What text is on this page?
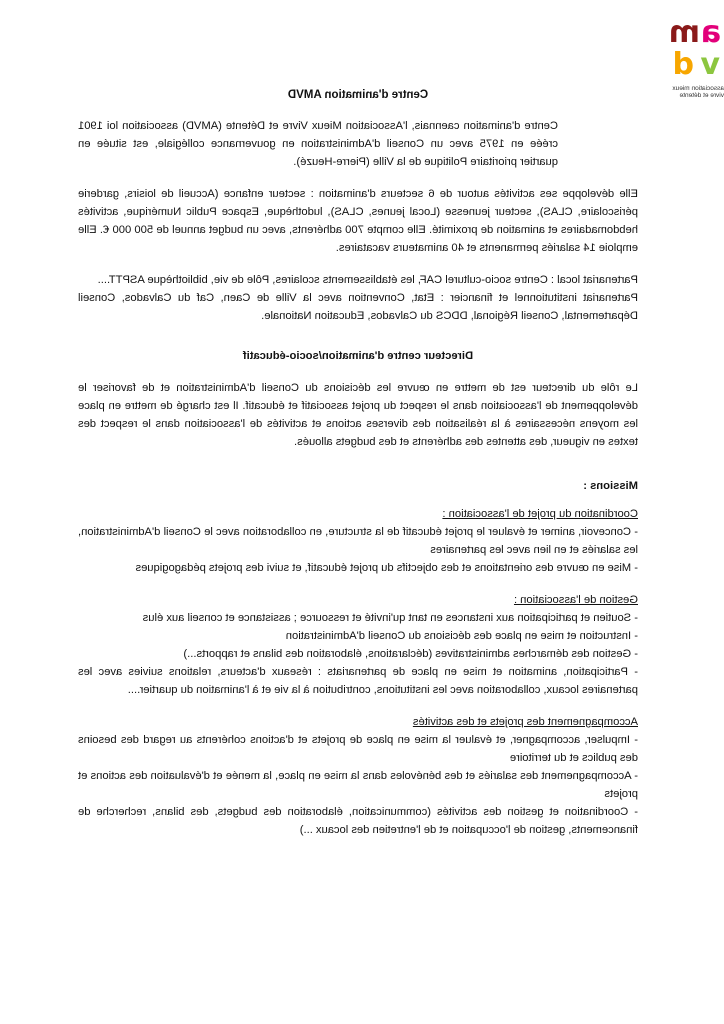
a
m
v
d
association mieux
vivre et détente
Centre d'animation AMVD

Centre d'animation caennais, l'Association Mieux Vivre et Détente (AMVD) association loi 1901 créée en 1975 avec un Conseil d'Administration en gouvernance collégiale, est située en quartier prioritaire Politique de la Ville (Pierre-Heuzé).

Elle développe ses activités autour de 6 secteurs d'animation : secteur enfance (Accueil de loisirs, garderie périscolaire, CLAS), secteur jeunesse (Local jeunes, CLAS), ludothèque, Espace Public Numérique, activités hebdomadaires et animation de proximité. Elle compte 700 adhérents, avec un budget annuel de 500 000 €. Elle emploie 14 salariés permanents et 40 animateurs vacataires.

Partenariat local : Centre socio-culturel CAF, les établissements scolaires, Pôle de vie, bibliothèque ASPTT....

Partenariat institutionnel et financier : Etat, Convention avec la Ville de Caen, Caf du Calvados, Conseil Départemental, Conseil Régional, DDCS du Calvados, Education Nationale.

Directeur centre d'animation/socio-éducatif

Le rôle du directeur est de mettre en œuvre les décisions du Conseil d'Administration et de favoriser le développement de l'association dans le respect du projet associatif et éducatif. Il est chargé de mettre en place les moyens nécessaires à la réalisation des diverses actions et activités de l'association dans le respect des textes en vigueur, des attentes des adhérents et des budgets alloués.

Missions :
Coordination du projet de l'association :
- Concevoir, animer et évaluer le projet éducatif de la structure, en collaboration avec le Conseil d'Administration, les salariés et en lien avec les partenaires
- Mise en œuvre des orientations et des objectifs du projet éducatif, et suivi des projets pédagogiques
Gestion de l'association :
- Soutien et participation aux instances en tant qu'invité et ressource ; assistance et conseil aux élus
- Instruction et mise en place des décisions du Conseil d'Administration
- Gestion des démarches administratives (déclarations, élaboration des bilans et rapports...)
- Participation, animation et mise en place de partenariats : réseaux d'acteurs, relations suivies avec les partenaires locaux, collaboration avec les institutions, contribution à la vie et à l'animation du quartier....
Accompagnement des projets et des activités
- Impulser, accompagner, et évaluer la mise en place de projets et d'actions cohérents au regard des besoins des publics et du territoire
- Accompagnement des salariés et des bénévoles dans la mise en place, la menée et d'évaluation des actions et projets
- Coordination et gestion des activités (communication, élaboration des budgets, des bilans, recherche de financements, gestion de l'occupation et de l'entretien des locaux ...)
